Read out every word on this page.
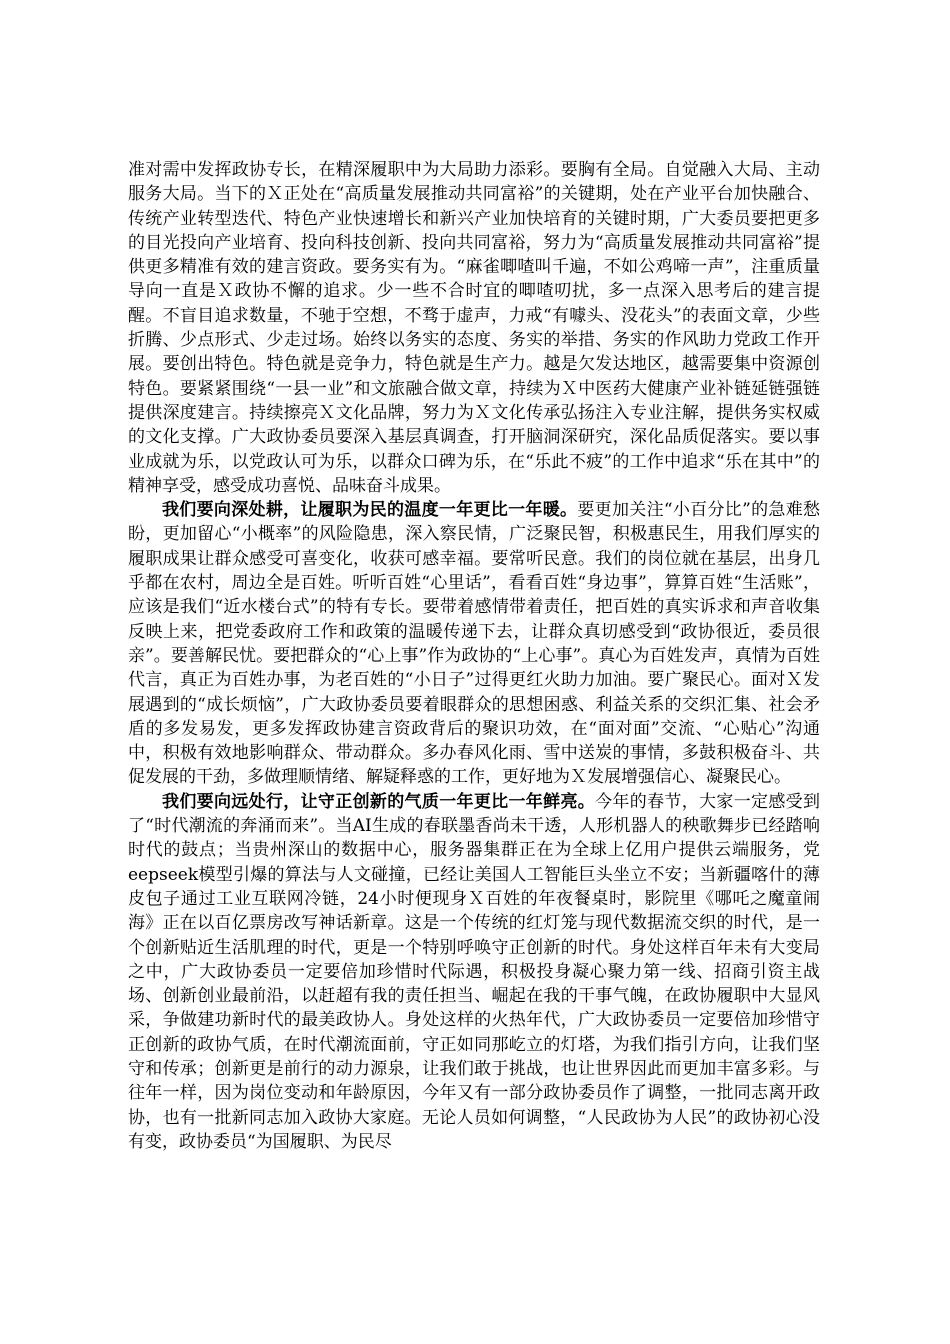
准对需中发挥政协专长，在精深履职中为大局助力添彩。要胸有全局。自觉融入大局、主动服务大局。当下的Ｘ正处在“高质量发展推动共同富裕”的关键期，处在产业平台加快融合、传统产业转型迭代、特色产业快速增长和新兴产业加快培育的关键时期，广大委员要把更多的目光投向产业培育、投向科技创新、投向共同富裕，努力为“高质量发展推动共同富裕”提供更多精准有效的建言资政。要务实有为。“麻雀唧喳叫千遍，不如公鸡啼一声”，注重质量导向一直是Ｘ政协不懈的追求。少一些不合时宜的唧喳叨扰，多一点深入思考后的建言提醒。不盲目追求数量，不驰于空想，不骛于虚声，力戒“有噱头、没花头”的表面文章，少些折腾、少点形式、少走过场。始终以务实的态度、务实的举措、务实的作风助力党政工作开展。要创出特色。特色就是竞争力，特色就是生产力。越是欠发达地区，越需要集中资源创特色。要紧紧围绕“一县一业”和文旅融合做文章，持续为Ｘ中医药大健康产业补链延链强链提供深度建言。持续擦亮Ｘ文化品牌，努力为Ｘ文化传承弘扬注入专业注解，提供务实权威的文化支撑。广大政协委员要深入基层真调查，打开脑洞深研究，深化品质促落实。要以事业成就为乐，以党政认可为乐，以群众口碑为乐，在“乐此不疲”的工作中追求“乐在其中”的精神享受，感受成功喜悦、品味奋斗成果。

我们要向深处耕，让履职为民的温度一年更比一年暖。要更加关注“小百分比”的急难愁盼，更加留心“小概率”的风险隐患，深入察民情，广泛聚民智，积极惠民生，用我们厚实的履职成果让群众感受可喜变化，收获可感幸福。要常听民意。我们的岗位就在基层，出身几乎都在农村，周边全是百姓。听听百姓“心里话”，看看百姓“身边事”，算算百姓“生活账”，应该是我们“近水楼台式”的特有专长。要带着感情带着责任，把百姓的真实诉求和声音收集反映上来，把党委政府工作和政策的温暖传递下去，让群众真切感受到“政协很近，委员很亲”。要善解民忧。要把群众的“心上事”作为政协的“上心事”。真心为百姓发声，真情为百姓代言，真正为百姓办事，为老百姓的“小日子”过得更红火助力加油。要广聚民心。面对Ｘ发展遇到的“成长烦恼”，广大政协委员要着眼群众的思想困惑、利益关系的交织汇集、社会矛盾的多发易发，更多发挥政协建言资政背后的聚识功效，在“面对面”交流、“心贴心”沟通中，积极有效地影响群众、带动群众。多办春风化雨、雪中送炭的事情，多鼓积极奋斗、共促发展的干劲，多做理顺情绪、解疑释惑的工作，更好地为Ｘ发展增强信心、凝聚民心。

我们要向远处行，让守正创新的气质一年更比一年鲜亮。今年的春节，大家一定感受到了“时代潮流的奔涌而来”。当AI生成的春联墨香尚未干透，人形机器人的秧歌舞步已经踏响时代的鼓点；当贵州深山的数据中心，服务器集群正在为全球上亿用户提供云端服务，党eepseek模型引爆的算法与人文碰撞，已经让美国人工智能巨头坐立不安；当新疆喀什的薄皮包子通过工业互联网冷链，24小时便现身Ｘ百姓的年夜餐桌时，影院里《哪吒之魔童闹海》正在以百亿票房改写神话新章。这是一个传统的红灯笼与现代数据流交织的时代，是一个创新贴近生活肌理的时代，更是一个特别呼唤守正创新的时代。身处这样百年未有大变局之中，广大政协委员一定要倍加珍惜时代际遇，积极投身凝心聚力第一线、招商引资主战场、创新创业最前沿，以赶超有我的责任担当、崛起在我的干事气魄，在政协履职中大显风采，争做建功新时代的最美政协人。身处这样的火热年代，广大政协委员一定要倍加珍惜守正创新的政协气质，在时代潮流面前，守正如同那屹立的灯塔，为我们指引方向，让我们坚守和传承；创新更是前行的动力源泉，让我们敢于挑战，也让世界因此而更加丰富多彩。与往年一样，因为岗位变动和年龄原因，今年又有一部分政协委员作了调整，一批同志离开政协，也有一批新同志加入政协大家庭。无论人员如何调整，“人民政协为人民”的政协初心没有变，政协委员“为国履职、为民尽
